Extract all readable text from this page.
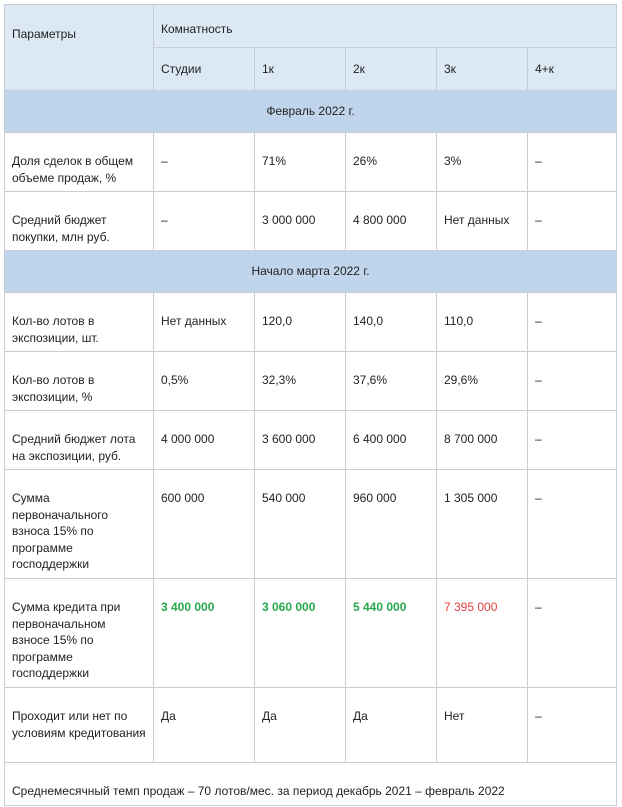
Параметры	Комнатность				
	Студии	1к	2к	3к	4+к
Февраль 2022 г.					
Доля сделок в общем объеме продаж, %	–	71%	26%	3%	–
Средний бюджет покупки, млн руб.	–	3 000 000	4 800 000	Нет данных	–
Начало марта 2022 г.					
Кол-во лотов в экспозиции, шт.	Нет данных	120,0	140,0	110,0	–
Кол-во лотов в экспозиции, %	0,5%	32,3%	37,6%	29,6%	–
Средний бюджет лота на экспозиции, руб.	4 000 000	3 600 000	6 400 000	8 700 000	–
Сумма первоначального взноса 15% по программе господдержки	600 000	540 000	960 000	1 305 000	–
Сумма кредита при первоначальном взносе 15% по программе господдержки	3 400 000	3 060 000	5 440 000	7 395 000	–
Проходит или нет по условиям кредитования	Да	Да	Да	Нет	–
Среднемесячный темп продаж – 70 лотов/мес. за период декабрь 2021 – февраль 2022					
